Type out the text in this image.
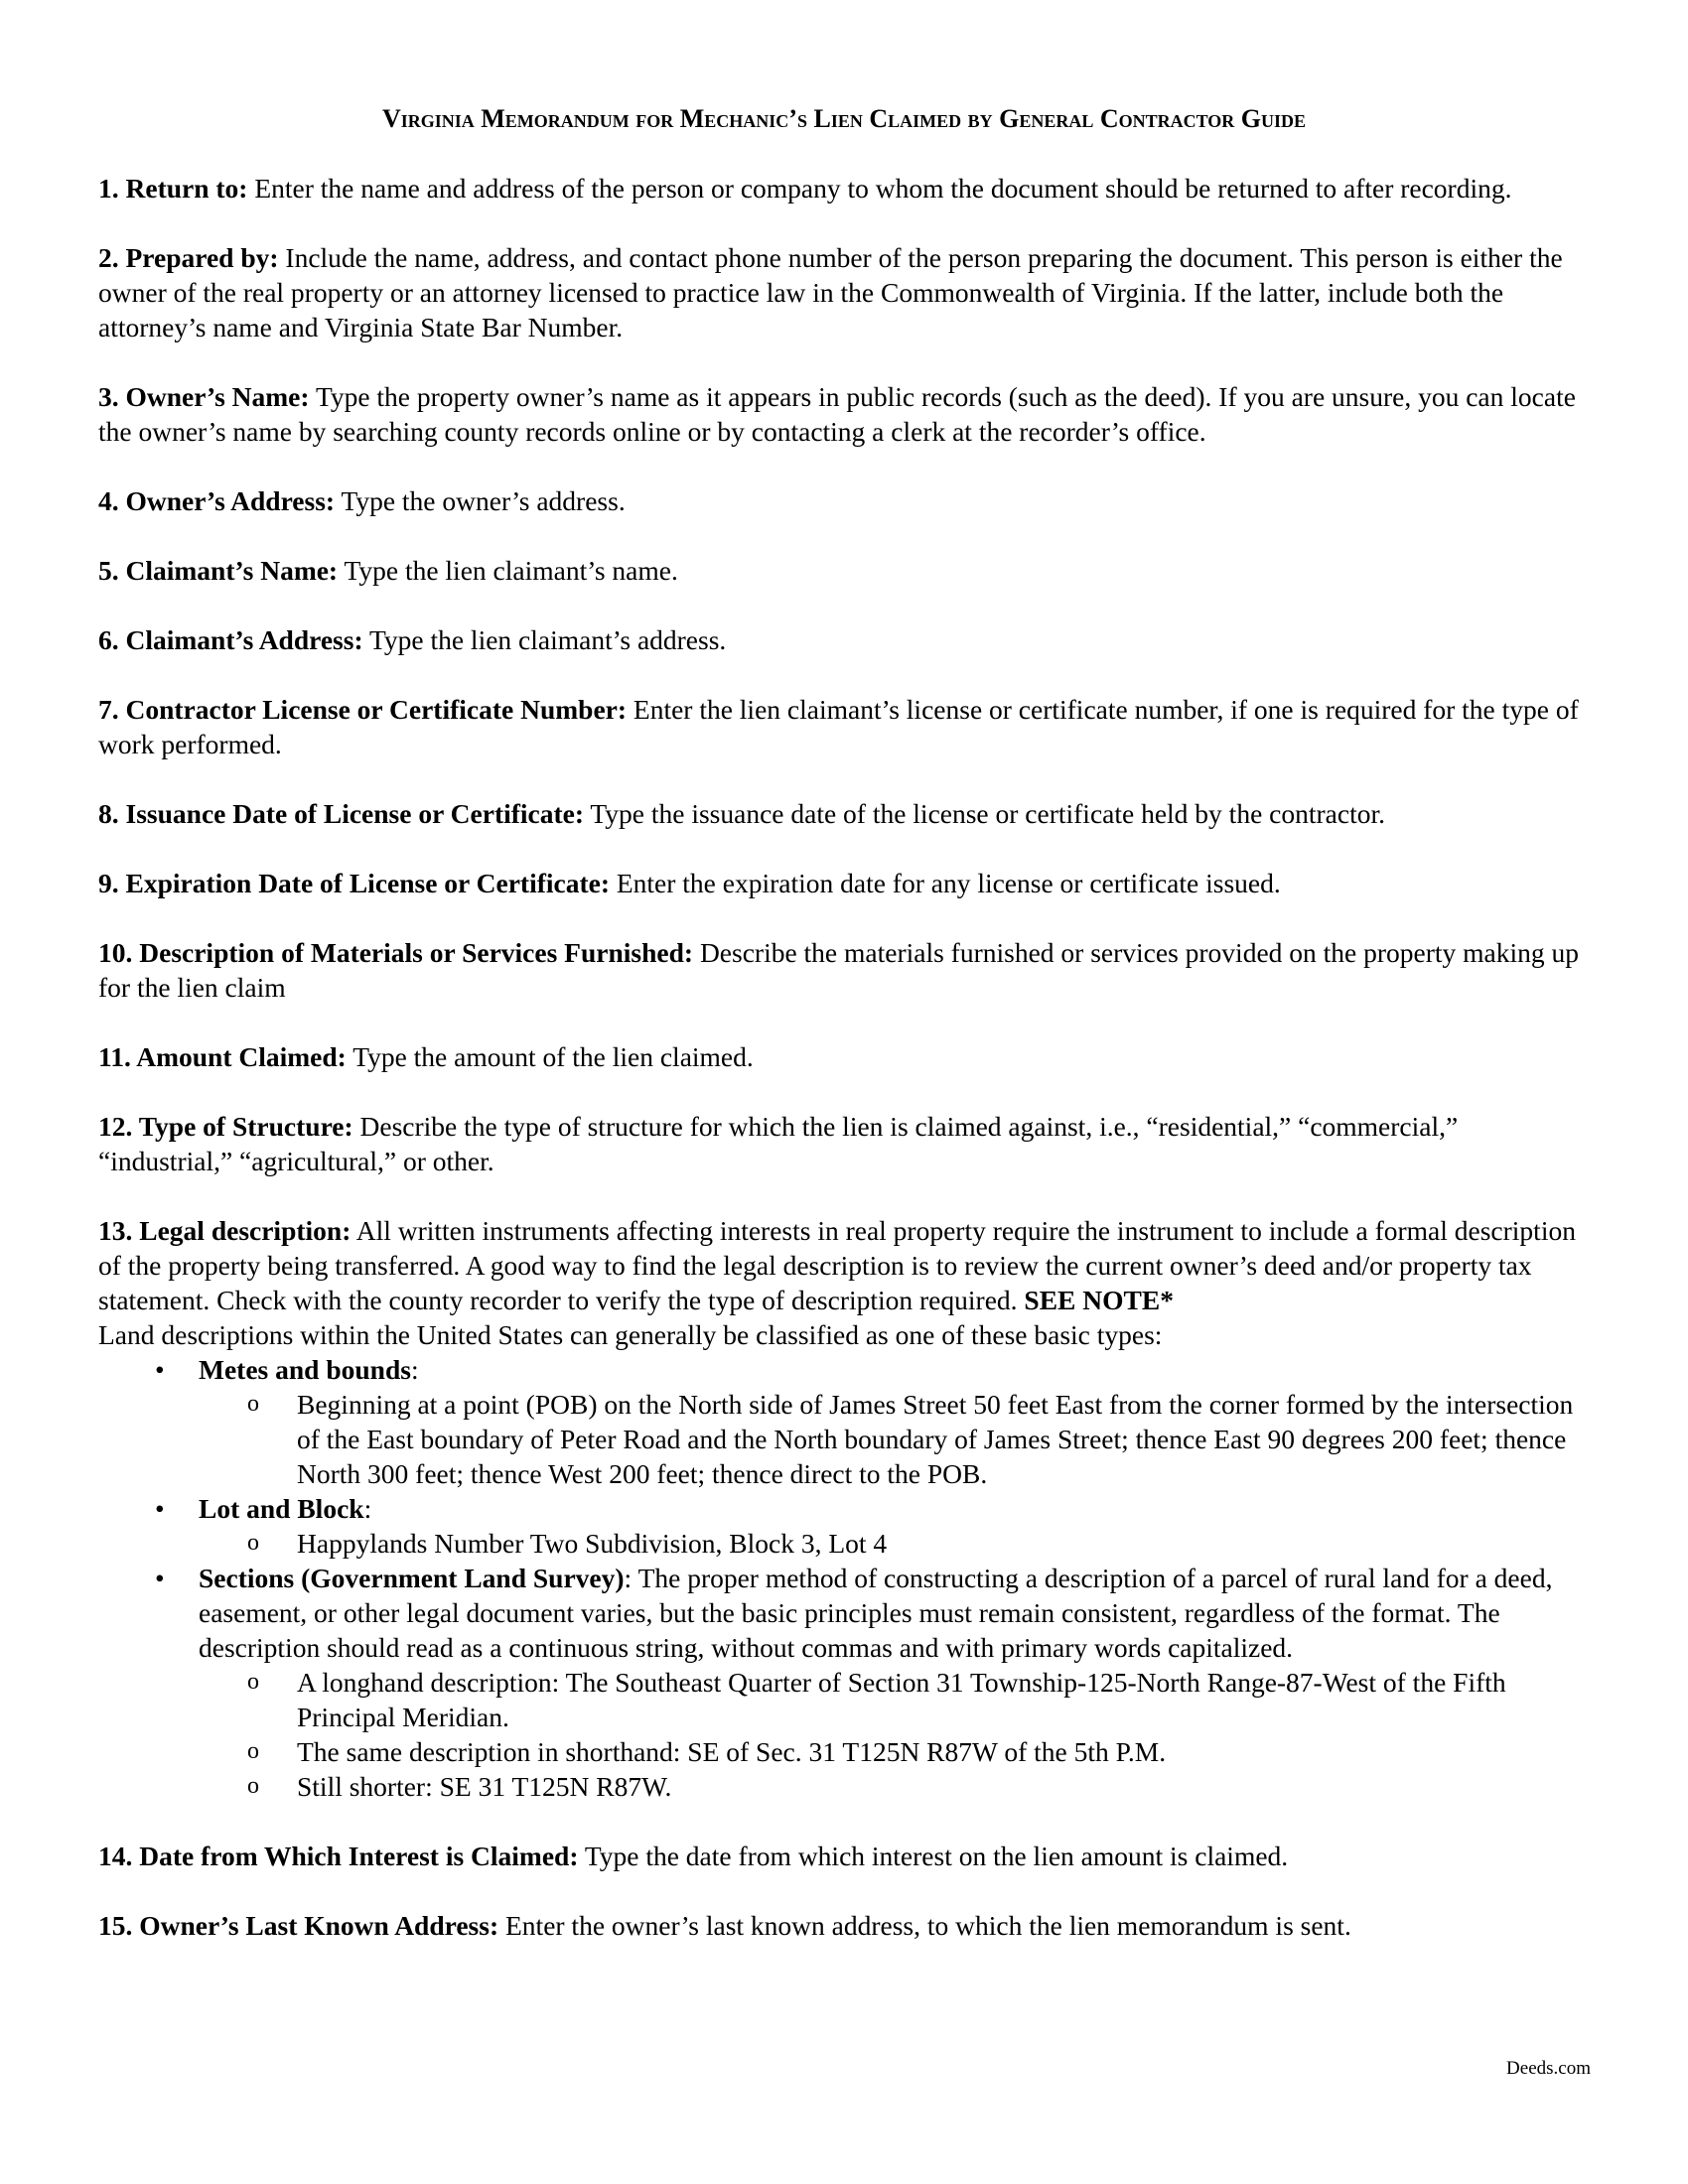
Virginia Memorandum for Mechanic’s Lien Claimed by General Contractor Guide
1. Return to: Enter the name and address of the person or company to whom the document should be returned to after recording.
2. Prepared by: Include the name, address, and contact phone number of the person preparing the document. This person is either the owner of the real property or an attorney licensed to practice law in the Commonwealth of Virginia. If the latter, include both the attorney’s name and Virginia State Bar Number.
3. Owner’s Name: Type the property owner’s name as it appears in public records (such as the deed). If you are unsure, you can locate the owner’s name by searching county records online or by contacting a clerk at the recorder’s office.
4. Owner’s Address: Type the owner’s address.
5. Claimant’s Name: Type the lien claimant’s name.
6. Claimant’s Address: Type the lien claimant’s address.
7. Contractor License or Certificate Number: Enter the lien claimant’s license or certificate number, if one is required for the type of work performed.
8. Issuance Date of License or Certificate: Type the issuance date of the license or certificate held by the contractor.
9. Expiration Date of License or Certificate: Enter the expiration date for any license or certificate issued.
10. Description of Materials or Services Furnished: Describe the materials furnished or services provided on the property making up for the lien claim
11. Amount Claimed: Type the amount of the lien claimed.
12. Type of Structure: Describe the type of structure for which the lien is claimed against, i.e., “residential,” “commercial,” “industrial,” “agricultural,” or other.
13. Legal description: All written instruments affecting interests in real property require the instrument to include a formal description of the property being transferred. A good way to find the legal description is to review the current owner’s deed and/or property tax statement. Check with the county recorder to verify the type of description required. SEE NOTE*
Land descriptions within the United States can generally be classified as one of these basic types:
• Metes and bounds:
o Beginning at a point (POB) on the North side of James Street 50 feet East from the corner formed by the intersection of the East boundary of Peter Road and the North boundary of James Street; thence East 90 degrees 200 feet; thence North 300 feet; thence West 200 feet; thence direct to the POB.
• Lot and Block:
o Happylands Number Two Subdivision, Block 3, Lot 4
• Sections (Government Land Survey): The proper method of constructing a description of a parcel of rural land for a deed, easement, or other legal document varies, but the basic principles must remain consistent, regardless of the format. The description should read as a continuous string, without commas and with primary words capitalized.
o A longhand description: The Southeast Quarter of Section 31 Township-125-North Range-87-West of the Fifth Principal Meridian.
o The same description in shorthand: SE of Sec. 31 T125N R87W of the 5th P.M.
o Still shorter: SE 31 T125N R87W.
14. Date from Which Interest is Claimed: Type the date from which interest on the lien amount is claimed.
15. Owner’s Last Known Address: Enter the owner’s last known address, to which the lien memorandum is sent.
Deeds.com
